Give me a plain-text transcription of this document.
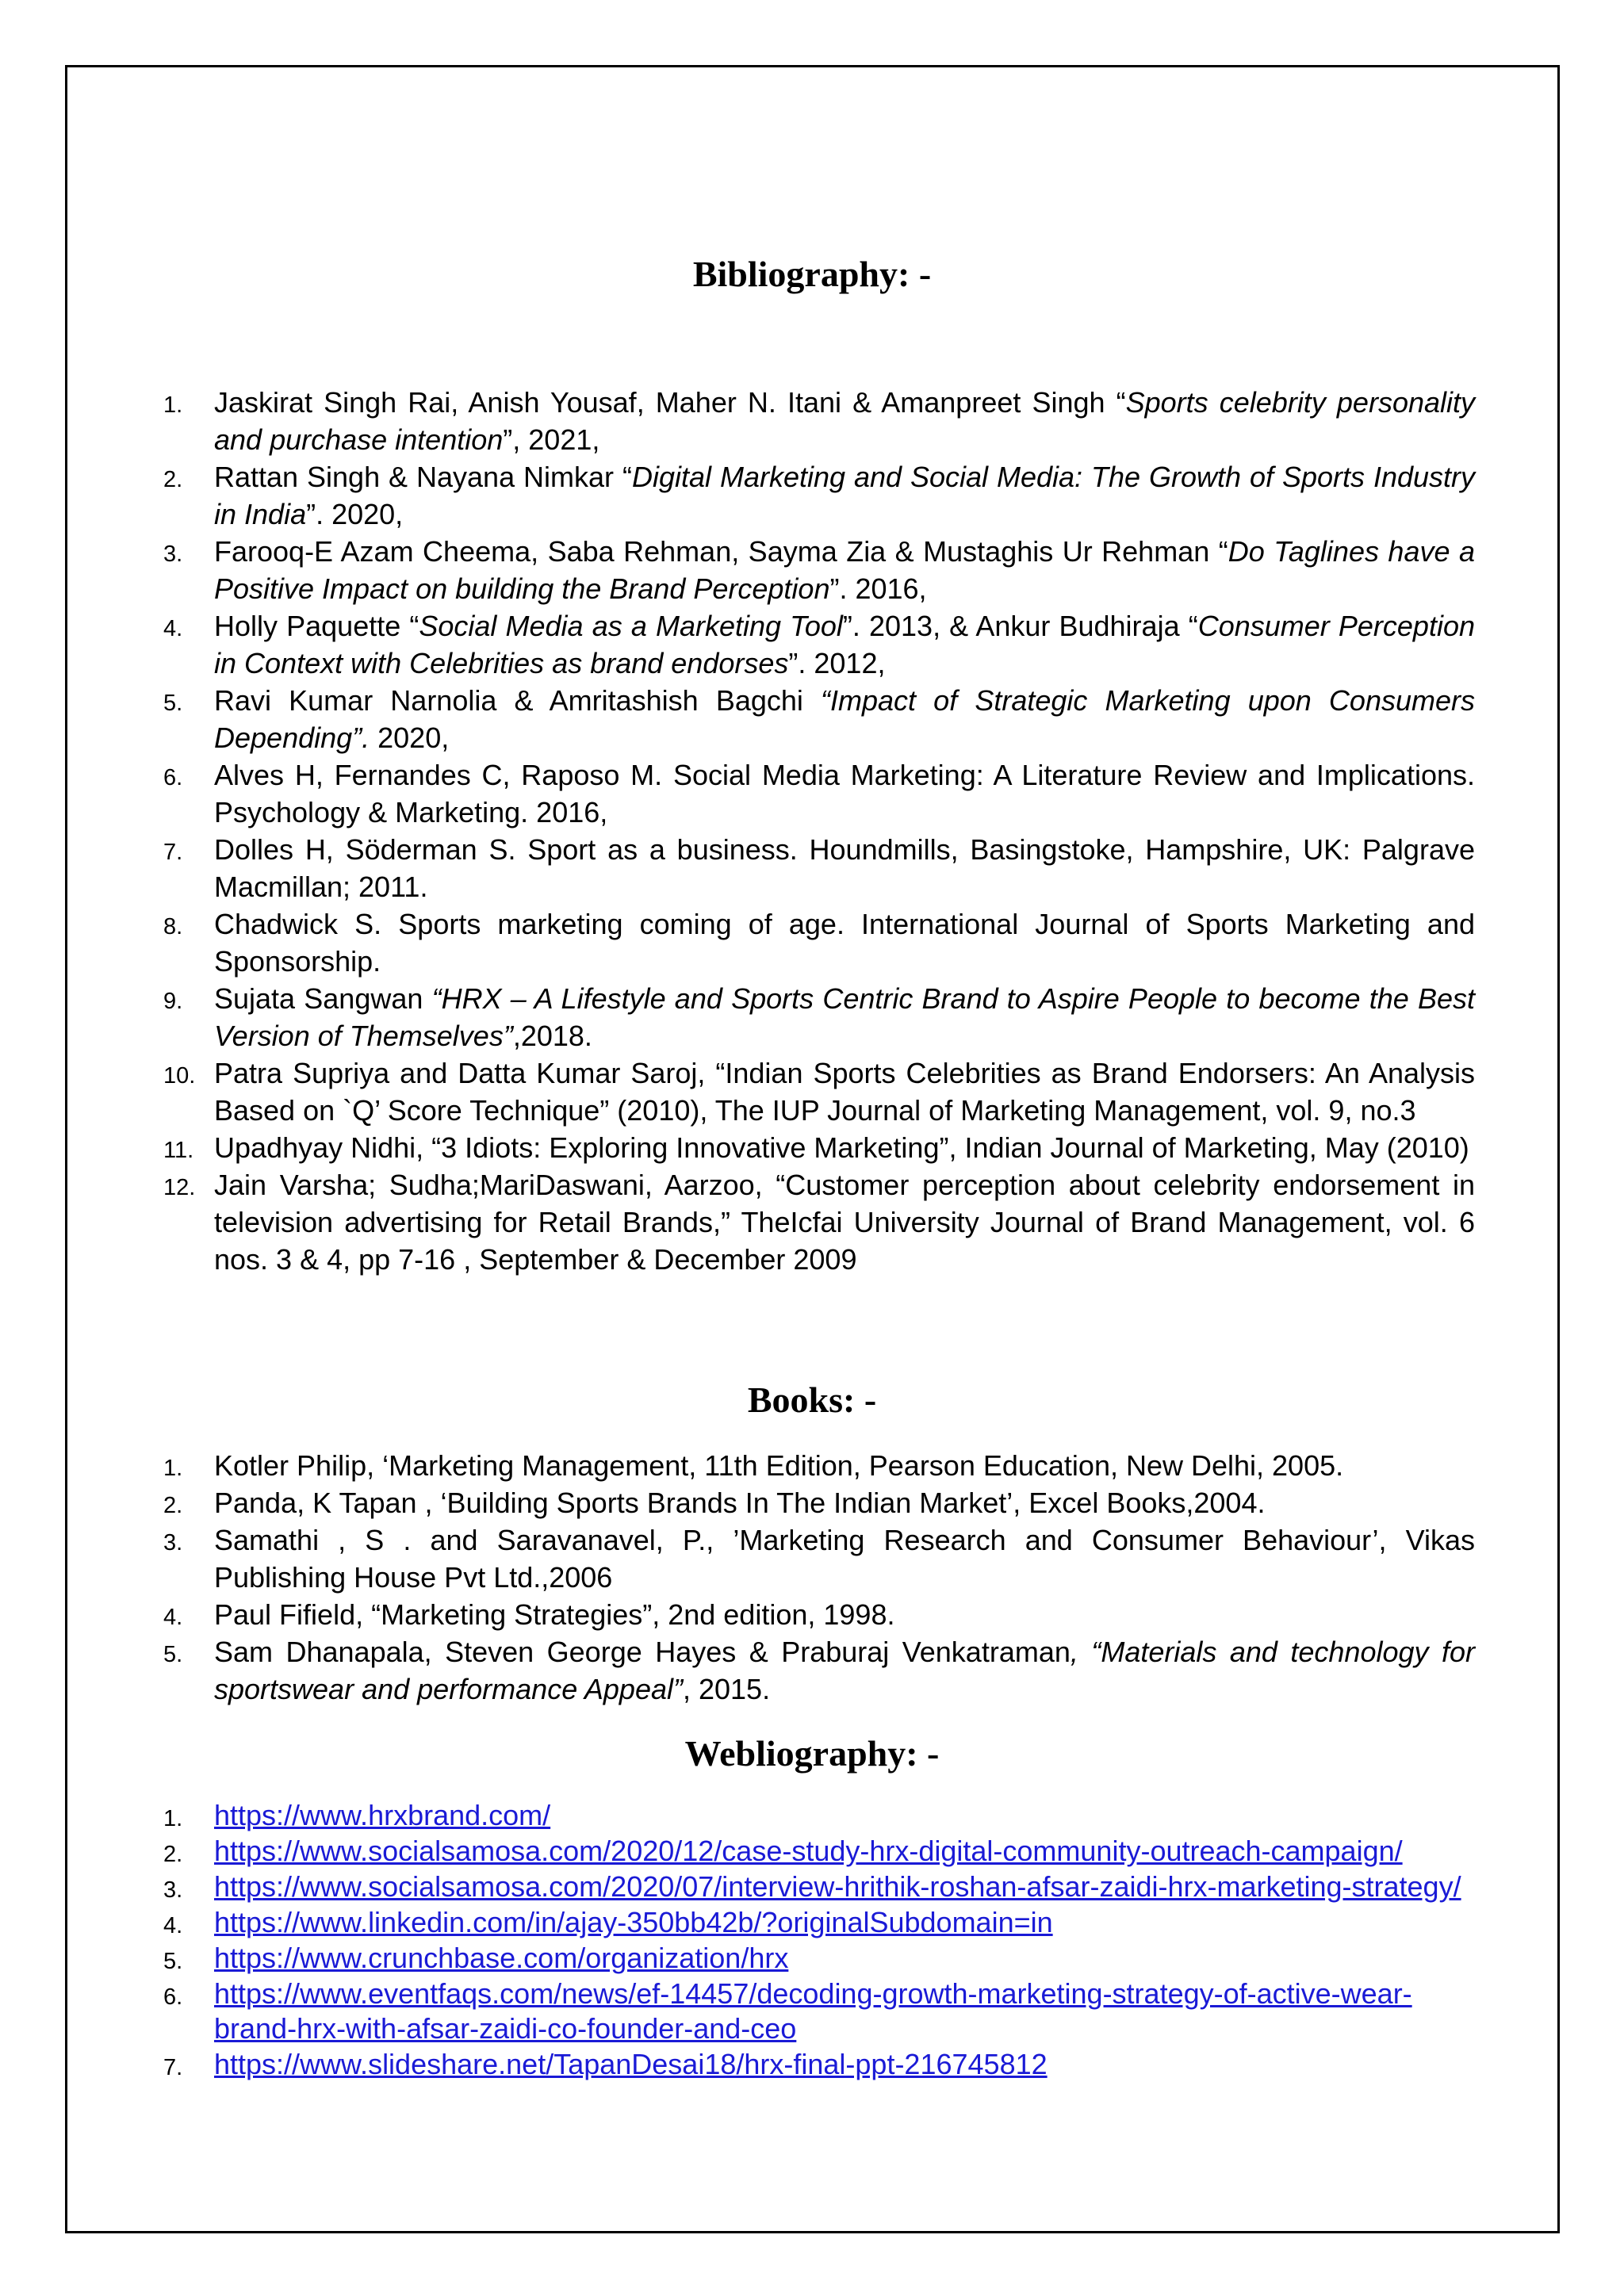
Bibliography: -
1. Jaskirat Singh Rai, Anish Yousaf, Maher N. Itani & Amanpreet Singh “Sports celebrity personality and purchase intention”, 2021,
2. Rattan Singh & Nayana Nimkar “Digital Marketing and Social Media: The Growth of Sports Industry in India”. 2020,
3. Farooq-E Azam Cheema, Saba Rehman, Sayma Zia & Mustaghis Ur Rehman “Do Taglines have a Positive Impact on building the Brand Perception”. 2016,
4. Holly Paquette “Social Media as a Marketing Tool”. 2013, & Ankur Budhiraja “Consumer Perception in Context with Celebrities as brand endorses”. 2012,
5. Ravi Kumar Narnolia & Amritashish Bagchi “Impact of Strategic Marketing upon Consumers Depending”. 2020,
6. Alves H, Fernandes C, Raposo M. Social Media Marketing: A Literature Review and Implications. Psychology & Marketing. 2016,
7. Dolles H, Söderman S. Sport as a business. Houndmills, Basingstoke, Hampshire, UK: Palgrave Macmillan; 2011.
8. Chadwick S. Sports marketing coming of age. International Journal of Sports Marketing and Sponsorship.
9. Sujata Sangwan “HRX – A Lifestyle and Sports Centric Brand to Aspire People to become the Best Version of Themselves”,2018.
10. Patra Supriya and Datta Kumar Saroj, “Indian Sports Celebrities as Brand Endorsers: An Analysis Based on `Q’ Score Technique” (2010), The IUP Journal of Marketing Management, vol. 9, no.3
11. Upadhyay Nidhi, “3 Idiots: Exploring Innovative Marketing”, Indian Journal of Marketing, May (2010)
12. Jain Varsha; Sudha;MariDaswani, Aarzoo, “Customer perception about celebrity endorsement in television advertising for Retail Brands,” TheIcfai University Journal of Brand Management, vol. 6 nos. 3 & 4, pp 7-16 , September & December 2009
Books: -
1. Kotler Philip, ‘Marketing Management, 11th Edition, Pearson Education, New Delhi, 2005.
2. Panda, K Tapan , ‘Building Sports Brands In The Indian Market’, Excel Books,2004.
3. Samathi , S . and Saravanavel, P., ’Marketing Research and Consumer Behaviour’, Vikas Publishing House Pvt Ltd.,2006
4. Paul Fifield, “Marketing Strategies”, 2nd edition, 1998.
5. Sam Dhanapala, Steven George Hayes & Praburaj Venkatraman, “Materials and technology for sportswear and performance Appeal”, 2015.
Webliography: -
1. https://www.hrxbrand.com/
2. https://www.socialsamosa.com/2020/12/case-study-hrx-digital-community-outreach-campaign/
3. https://www.socialsamosa.com/2020/07/interview-hrithik-roshan-afsar-zaidi-hrx-marketing-strategy/
4. https://www.linkedin.com/in/ajay-350bb42b/?originalSubdomain=in
5. https://www.crunchbase.com/organization/hrx
6. https://www.eventfaqs.com/news/ef-14457/decoding-growth-marketing-strategy-of-active-wear-brand-hrx-with-afsar-zaidi-co-founder-and-ceo
7. https://www.slideshare.net/TapanDesai18/hrx-final-ppt-216745812
